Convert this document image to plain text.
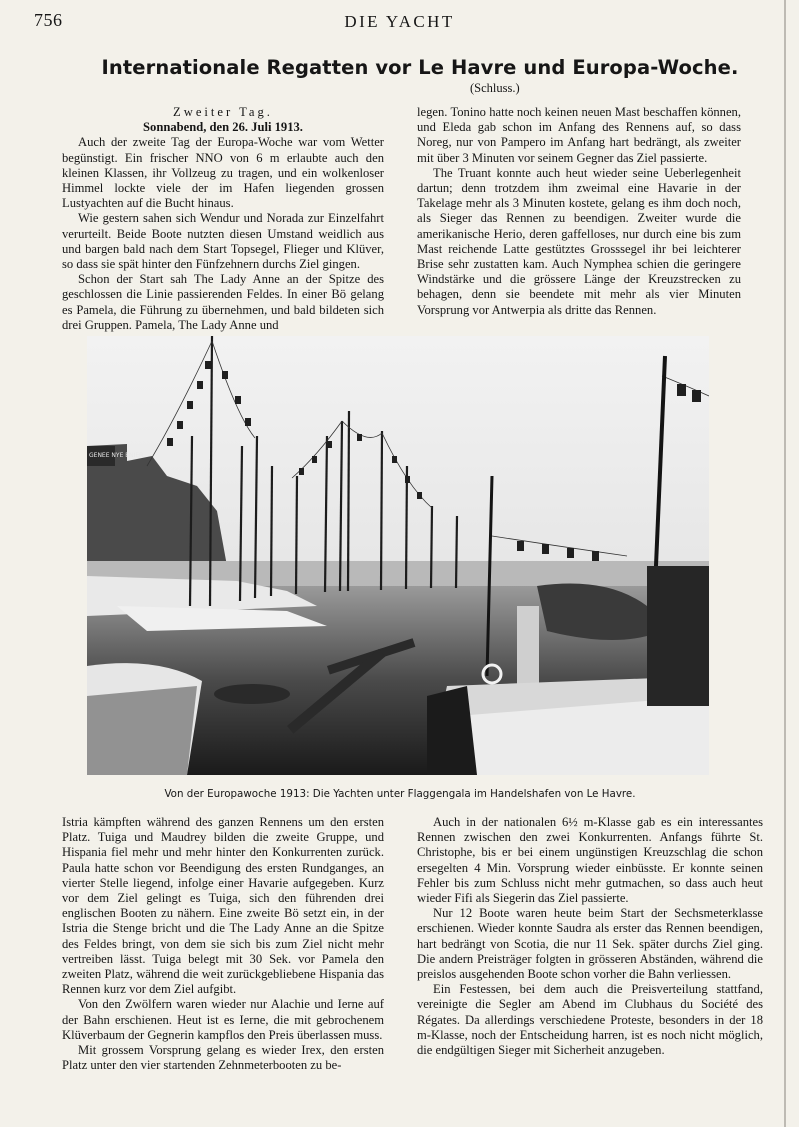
756	DIE YACHT
Internationale Regatten vor Le Havre und Europa-Woche.
(Schluss.)

Zweiter Tag.

Sonnabend, den 26. Juli 1913.

Auch der zweite Tag der Europa-Woche war vom Wetter begünstigt. Ein frischer NNO von 6 m erlaubte auch den kleinen Klassen, ihr Vollzeug zu tragen, und ein wolkenloser Himmel lockte viele der im Hafen liegenden grossen Lustyachten auf die Bucht hinaus.

Wie gestern sahen sich Wendur und Norada zur Einzelfahrt verurteilt. Beide Boote nutzten diesen Umstand weidlich aus und bargen bald nach dem Start Topsegel, Flieger und Klüver, so dass sie spät hinter den Fünfzehnern durchs Ziel gingen.

Schon der Start sah The Lady Anne an der Spitze des geschlossen die Linie passierenden Feldes. In einer Bö gelang es Pamela, die Führung zu übernehmen, und bald bildeten sich drei Gruppen. Pamela, The Lady Anne und

legen. Tonino hatte noch keinen neuen Mast beschaffen können, und Eleda gab schon im Anfang des Rennens auf, so dass Noreg, nur von Pampero im Anfang hart bedrängt, als zweiter mit über 3 Minuten vor seinem Gegner das Ziel passierte.

The Truant konnte auch heut wieder seine Ueberlegenheit dartun; denn trotzdem ihm zweimal eine Havarie in der Takelage mehr als 3 Minuten kostete, gelang es ihm doch noch, als Sieger das Rennen zu beendigen. Zweiter wurde die amerikanische Herio, deren gaffelloses, nur durch eine bis zum Mast reichende Latte gestütztes Grosssegel ihr bei leichterer Brise sehr zustatten kam. Auch Nymphea schien die geringere Windstärke und die grössere Länge der Kreuzstrecken zu behagen, denn sie beendete mit mehr als vier Minuten Vorsprung vor Antwerpia als dritte das Rennen.

GENEE NYE ENIER
Von der Europawoche 1913: Die Yachten unter Flaggengala im Handelshafen von Le Havre.

Istria kämpften während des ganzen Rennens um den ersten Platz. Tuiga und Maudrey bilden die zweite Gruppe, und Hispania fiel mehr und mehr hinter den Konkurrenten zurück. Paula hatte schon vor Beendigung des ersten Rundganges, an vierter Stelle liegend, infolge einer Havarie aufgegeben. Kurz vor dem Ziel gelingt es Tuiga, sich den führenden drei englischen Booten zu nähern. Eine zweite Bö setzt ein, in der Istria die Stenge bricht und die The Lady Anne an die Spitze des Feldes bringt, von dem sie sich bis zum Ziel nicht mehr vertreiben lässt. Tuiga belegt mit 30 Sek. vor Pamela den zweiten Platz, während die weit zurückgebliebene Hispania das Rennen kurz vor dem Ziel aufgibt.

Von den Zwölfern waren wieder nur Alachie und Ierne auf der Bahn erschienen. Heut ist es Ierne, die mit gebrochenem Klüverbaum der Gegnerin kampflos den Preis überlassen muss.

Mit grossem Vorsprung gelang es wieder Irex, den ersten Platz unter den vier startenden Zehnmeterbooten zu be-

Auch in der nationalen 6½ m-Klasse gab es ein interessantes Rennen zwischen den zwei Konkurrenten. Anfangs führte St. Christophe, bis er bei einem ungünstigen Kreuzschlag die schon ersegelten 4 Min. Vorsprung wieder einbüsste. Er konnte seinen Fehler bis zum Schluss nicht mehr gutmachen, so dass auch heut wieder Fifi als Siegerin das Ziel passierte.

Nur 12 Boote waren heute beim Start der Sechsmeterklasse erschienen. Wieder konnte Saudra als erster das Rennen beendigen, hart bedrängt von Scotia, die nur 11 Sek. später durchs Ziel ging. Die andern Preisträger folgten in grösseren Abständen, während die preislos ausgehenden Boote schon vorher die Bahn verliessen.

Ein Festessen, bei dem auch die Preisverteilung stattfand, vereinigte die Segler am Abend im Clubhaus du Société des Régates. Da allerdings verschiedene Proteste, besonders in der 18 m-Klasse, noch der Entscheidung harren, ist es noch nicht möglich, die endgültigen Sieger mit Sicherheit anzugeben.
